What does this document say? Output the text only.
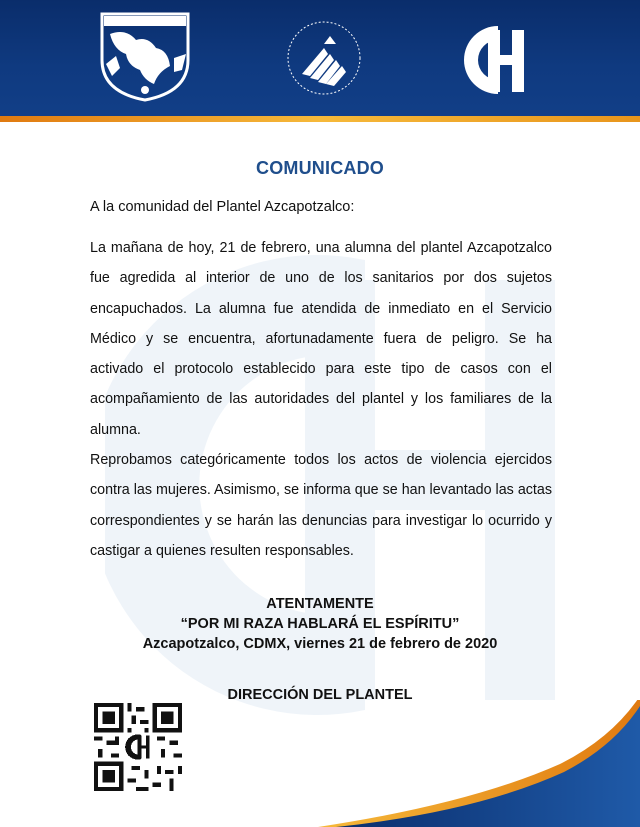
COMUNICADO
A la comunidad del Plantel Azcapotzalco:

La mañana de hoy, 21 de febrero, una alumna del plantel Azcapotzalco fue agredida al interior de uno de los sanitarios por dos sujetos encapuchados. La alumna fue atendida de inmediato en el Servicio Médico y se encuentra, afortunadamente fuera de peligro. Se ha activado el protocolo establecido para este tipo de casos con el acompañamiento de las autoridades del plantel y los familiares de la alumna.

Reprobamos categóricamente todos los actos de violencia ejercidos contra las mujeres. Asimismo, se informa que se han levantado las actas correspondientes y se harán las denuncias para investigar lo ocurrido y castigar a quienes resulten responsables.

ATENTAMENTE
“POR MI RAZA HABLARÁ EL ESPÍRITU”
Azcapotzalco, CDMX, viernes 21 de febrero de 2020
DIRECCIÓN DEL PLANTEL
